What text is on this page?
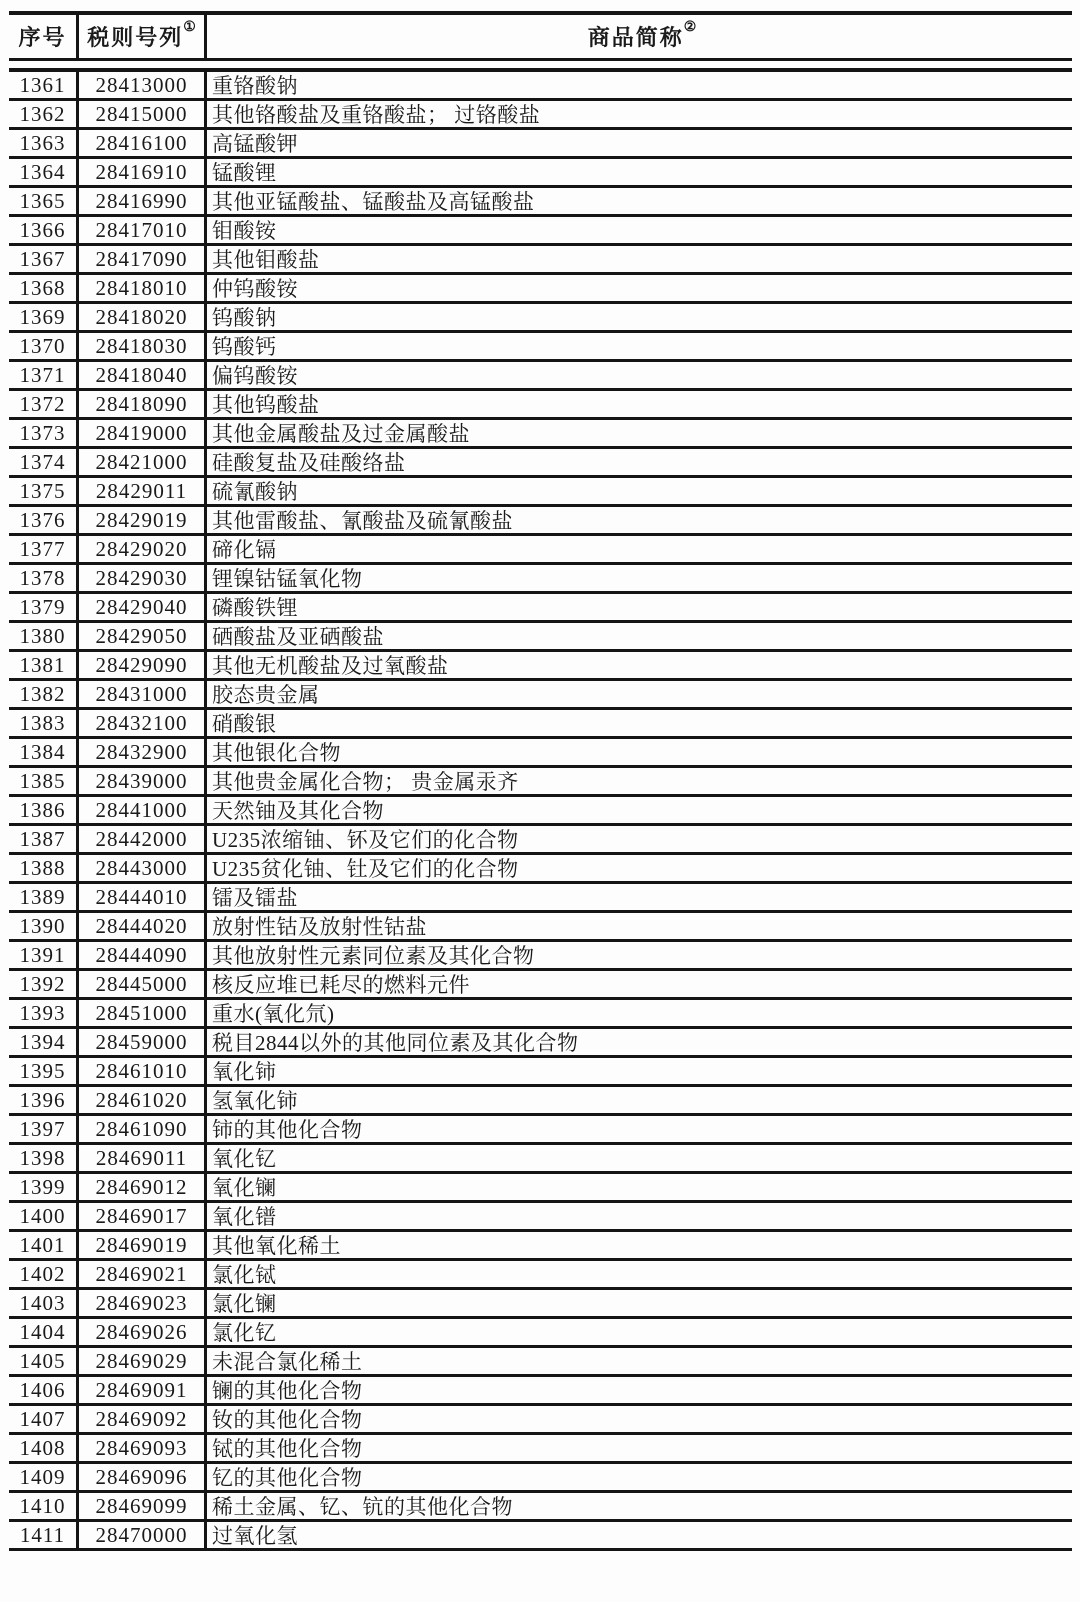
序号 税则号列 ①	商品简称 ②
1361	28413000	重铬酸钠
1362	28415000	其他铬酸盐及重铬酸盐； 过铬酸盐
1363	28416100	高锰酸钾
1364	28416910	锰酸锂
1365	28416990	其他亚锰酸盐、锰酸盐及高锰酸盐
1366	28417010	钼酸铵
1367	28417090	其他钼酸盐
1368	28418010	仲钨酸铵
1369	28418020	钨酸钠
1370	28418030	钨酸钙
1371	28418040	偏钨酸铵
1372	28418090	其他钨酸盐
1373	28419000	其他金属酸盐及过金属酸盐
1374	28421000	硅酸复盐及硅酸络盐
1375	28429011	硫氰酸钠
1376	28429019	其他雷酸盐、氰酸盐及硫氰酸盐
1377	28429020	碲化镉
1378	28429030	锂镍钴锰氧化物
1379	28429040	磷酸铁锂
1380	28429050	硒酸盐及亚硒酸盐
1381	28429090	其他无机酸盐及过氧酸盐
1382	28431000	胶态贵金属
1383	28432100	硝酸银
1384	28432900	其他银化合物
1385	28439000	其他贵金属化合物； 贵金属汞齐
1386	28441000	天然铀及其化合物
1387	28442000	U235浓缩铀、钚及它们的化合物
1388	28443000	U235贫化铀、钍及它们的化合物
1389	28444010	镭及镭盐
1390	28444020	放射性钴及放射性钴盐
1391	28444090	其他放射性元素同位素及其化合物
1392	28445000	核反应堆已耗尽的燃料元件
1393	28451000	重水(氧化氘)
1394	28459000	税目2844以外的其他同位素及其化合物
1395	28461010	氧化铈
1396	28461020	氢氧化铈
1397	28461090	铈的其他化合物
1398	28469011	氧化钇
1399	28469012	氧化镧
1400	28469017	氧化镨
1401	28469019	其他氧化稀土
1402	28469021	氯化铽
1403	28469023	氯化镧
1404	28469026	氯化钇
1405	28469029	未混合氯化稀土
1406	28469091	镧的其他化合物
1407	28469092	钕的其他化合物
1408	28469093	铽的其他化合物
1409	28469096	钇的其他化合物
1410	28469099	稀土金属、钇、钪的其他化合物
1411	28470000	过氧化氢
